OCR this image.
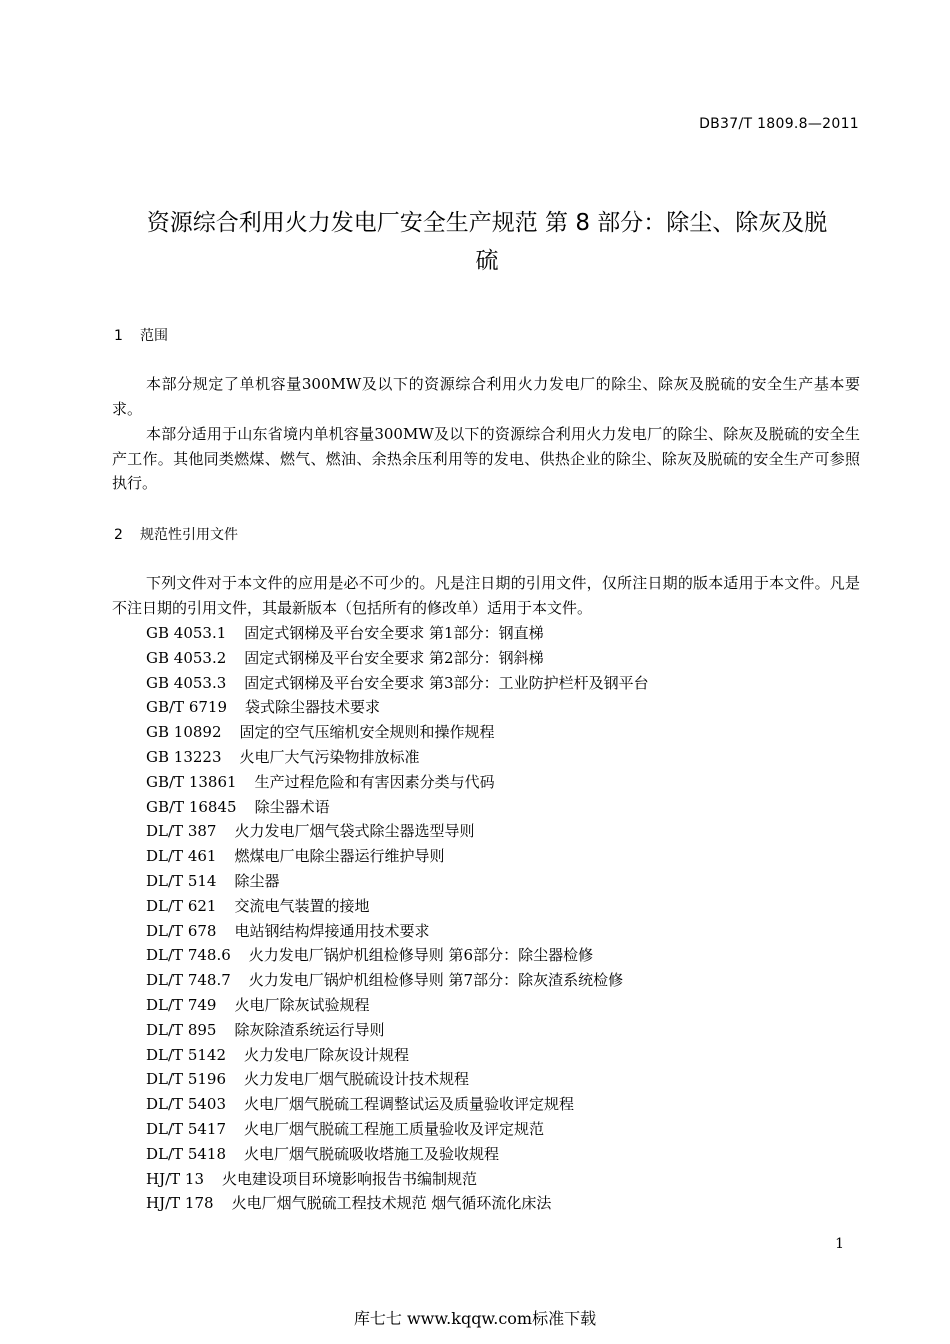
DB37/T 1809.8—2011
资源综合利用火力发电厂安全生产规范 第 8 部分：除尘、除灰及脱
硫
1 范围
本部分规定了单机容量300MW及以下的资源综合利用火力发电厂的除尘、除灰及脱硫的安全生产基本要求。
本部分适用于山东省境内单机容量300MW及以下的资源综合利用火力发电厂的除尘、除灰及脱硫的安全生产工作。其他同类燃煤、燃气、燃油、余热余压利用等的发电、供热企业的除尘、除灰及脱硫的安全生产可参照执行。
2 规范性引用文件
下列文件对于本文件的应用是必不可少的。凡是注日期的引用文件，仅所注日期的版本适用于本文件。凡是不注日期的引用文件，其最新版本（包括所有的修改单）适用于本文件。
GB 4053.1 固定式钢梯及平台安全要求 第1部分：钢直梯
GB 4053.2 固定式钢梯及平台安全要求 第2部分：钢斜梯
GB 4053.3 固定式钢梯及平台安全要求 第3部分：工业防护栏杆及钢平台
GB/T 6719 袋式除尘器技术要求
GB 10892 固定的空气压缩机安全规则和操作规程
GB 13223 火电厂大气污染物排放标准
GB/T 13861 生产过程危险和有害因素分类与代码
GB/T 16845 除尘器术语
DL/T 387 火力发电厂烟气袋式除尘器选型导则
DL/T 461 燃煤电厂电除尘器运行维护导则
DL/T 514 除尘器
DL/T 621 交流电气装置的接地
DL/T 678 电站钢结构焊接通用技术要求
DL/T 748.6 火力发电厂锅炉机组检修导则 第6部分：除尘器检修
DL/T 748.7 火力发电厂锅炉机组检修导则 第7部分：除灰渣系统检修
DL/T 749 火电厂除灰试验规程
DL/T 895 除灰除渣系统运行导则
DL/T 5142 火力发电厂除灰设计规程
DL/T 5196 火力发电厂烟气脱硫设计技术规程
DL/T 5403 火电厂烟气脱硫工程调整试运及质量验收评定规程
DL/T 5417 火电厂烟气脱硫工程施工质量验收及评定规范
DL/T 5418 火电厂烟气脱硫吸收塔施工及验收规程
HJ/T 13 火电建设项目环境影响报告书编制规范
HJ/T 178 火电厂烟气脱硫工程技术规范 烟气循环流化床法
1
库七七 www.kqqw.com标准下载
